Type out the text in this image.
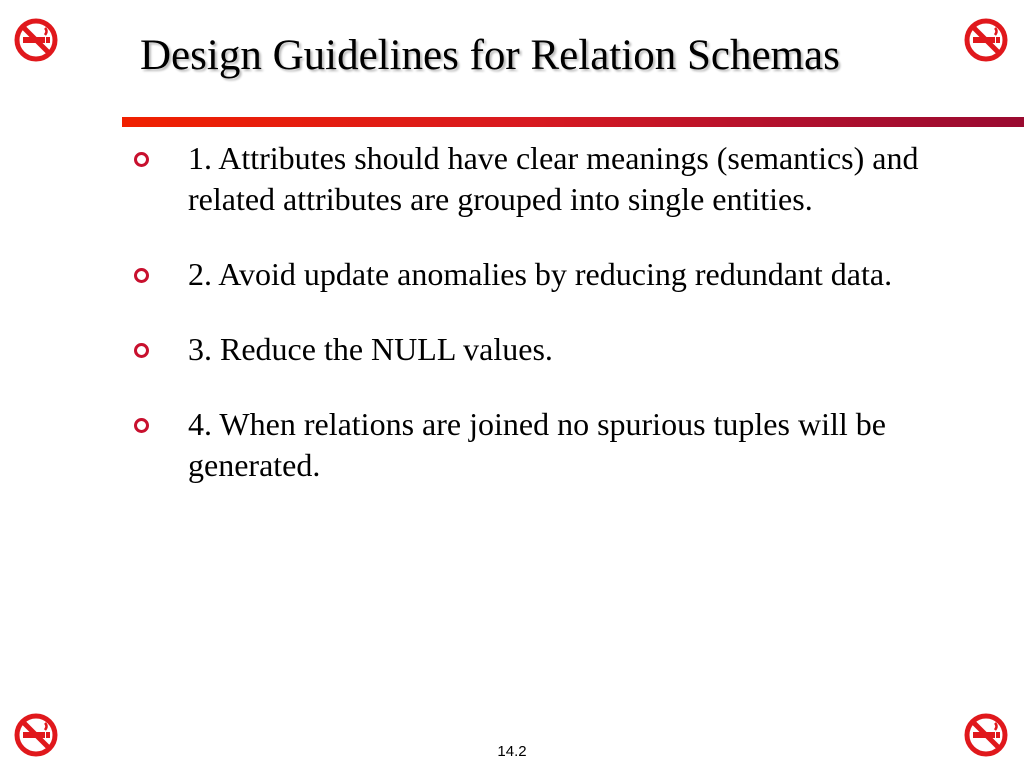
Design Guidelines for Relation Schemas
1. Attributes should have clear meanings (semantics) and related attributes are grouped into single entities.
2. Avoid update anomalies by reducing redundant data.
3. Reduce the NULL values.
4. When relations are joined no spurious tuples will be generated.
14.2
